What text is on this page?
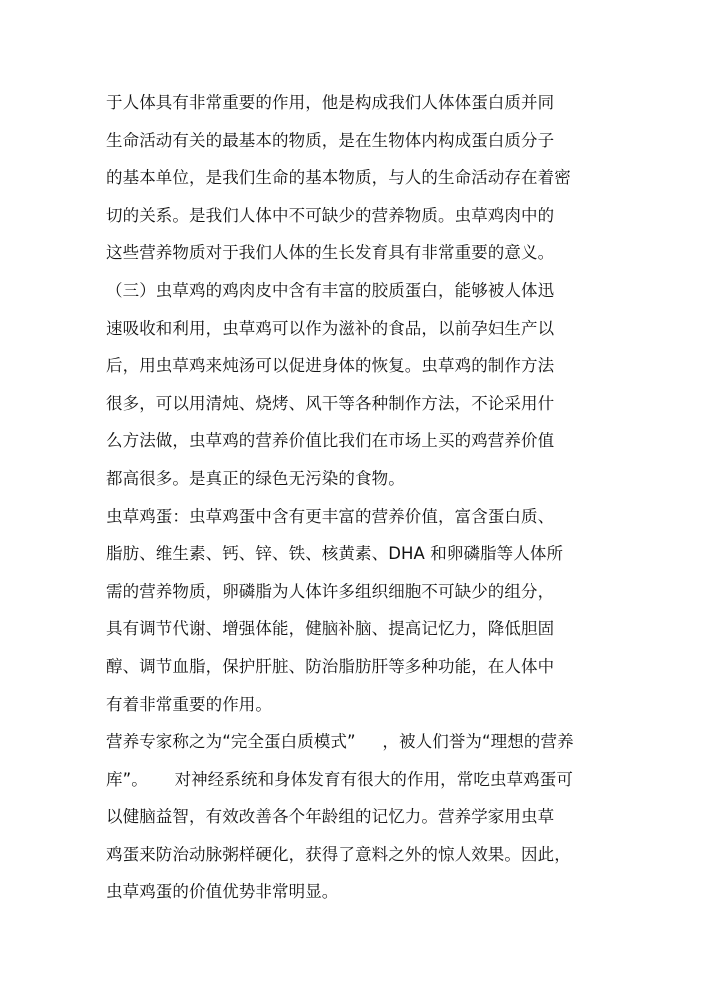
于人体具有非常重要的作用，他是构成我们人体体蛋白质并同
生命活动有关的最基本的物质，是在生物体内构成蛋白质分子
的基本单位，是我们生命的基本物质，与人的生命活动存在着密
切的关系。是我们人体中不可缺少的营养物质。虫草鸡肉中的
这些营养物质对于我们人体的生长发育具有非常重要的意义。
（三）虫草鸡的鸡肉皮中含有丰富的胶质蛋白，能够被人体迅
速吸收和利用，虫草鸡可以作为滋补的食品，以前孕妇生产以
后，用虫草鸡来炖汤可以促进身体的恢复。虫草鸡的制作方法
很多，可以用清炖、烧烤、风干等各种制作方法，不论采用什
么方法做，虫草鸡的营养价值比我们在市场上买的鸡营养价值
都高很多。是真正的绿色无污染的食物。
虫草鸡蛋：虫草鸡蛋中含有更丰富的营养价值，富含蛋白质、
脂肪、维生素、钙、锌、铁、核黄素、DHA 和卵磷脂等人体所
需的营养物质，卵磷脂为人体许多组织细胞不可缺少的组分，
具有调节代谢、增强体能，健脑补脑、提高记忆力，降低胆固
醇、调节血脂，保护肝脏、防治脂肪肝等多种功能，在人体中
有着非常重要的作用。
营养专家称之为“完全蛋白质模式”     ，被人们誉为“理想的营养
库”。     对神经系统和身体发育有很大的作用，常吃虫草鸡蛋可
以健脑益智，有效改善各个年龄组的记忆力。营养学家用虫草
鸡蛋来防治动脉粥样硬化，获得了意料之外的惊人效果。因此，
虫草鸡蛋的价值优势非常明显。
